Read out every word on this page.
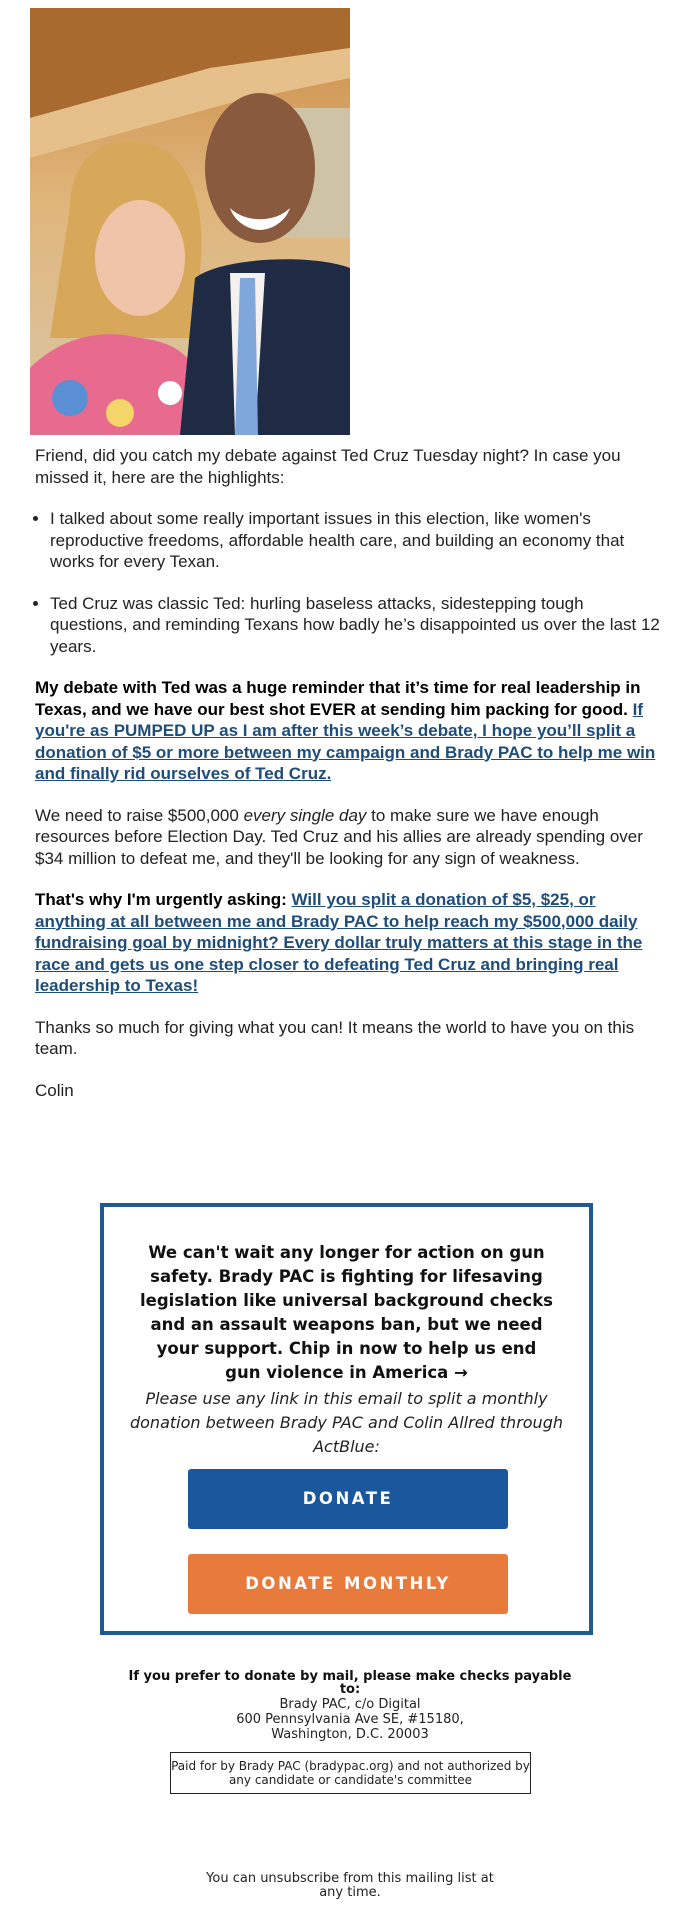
Friend, did you catch my debate against Ted Cruz Tuesday night? In case you missed it, here are the highlights:

• I talked about some really important issues in this election, like women's reproductive freedoms, affordable health care, and building an economy that works for every Texan.
• Ted Cruz was classic Ted: hurling baseless attacks, sidestepping tough questions, and reminding Texans how badly he’s disappointed us over the last 12 years.

My debate with Ted was a huge reminder that it’s time for real leadership in Texas, and we have our best shot EVER at sending him packing for good. If you're as PUMPED UP as I am after this week’s debate, I hope you’ll split a donation of $5 or more between my campaign and Brady PAC to help me win and finally rid ourselves of Ted Cruz.

We need to raise $500,000 every single day to make sure we have enough resources before Election Day. Ted Cruz and his allies are already spending over $34 million to defeat me, and they'll be looking for any sign of weakness.

That's why I'm urgently asking: Will you split a donation of $5, $25, or anything at all between me and Brady PAC to help reach my $500,000 daily fundraising goal by midnight? Every dollar truly matters at this stage in the race and gets us one step closer to defeating Ted Cruz and bringing real leadership to Texas!

Thanks so much for giving what you can! It means the world to have you on this team.

Colin

We can't wait any longer for action on gun safety. Brady PAC is fighting for lifesaving legislation like universal background checks and an assault weapons ban, but we need your support. Chip in now to help us end gun violence in America →
Please use any link in this email to split a monthly donation between Brady PAC and Colin Allred through ActBlue:
DONATE
DONATE MONTHLY
If you prefer to donate by mail, please make checks payable to:
Brady PAC, c/o Digital
600 Pennsylvania Ave SE, #15180,
Washington, D.C. 20003
Paid for by Brady PAC (bradypac.org) and not authorized by any candidate or candidate's committee
You can unsubscribe from this mailing list at any time.
